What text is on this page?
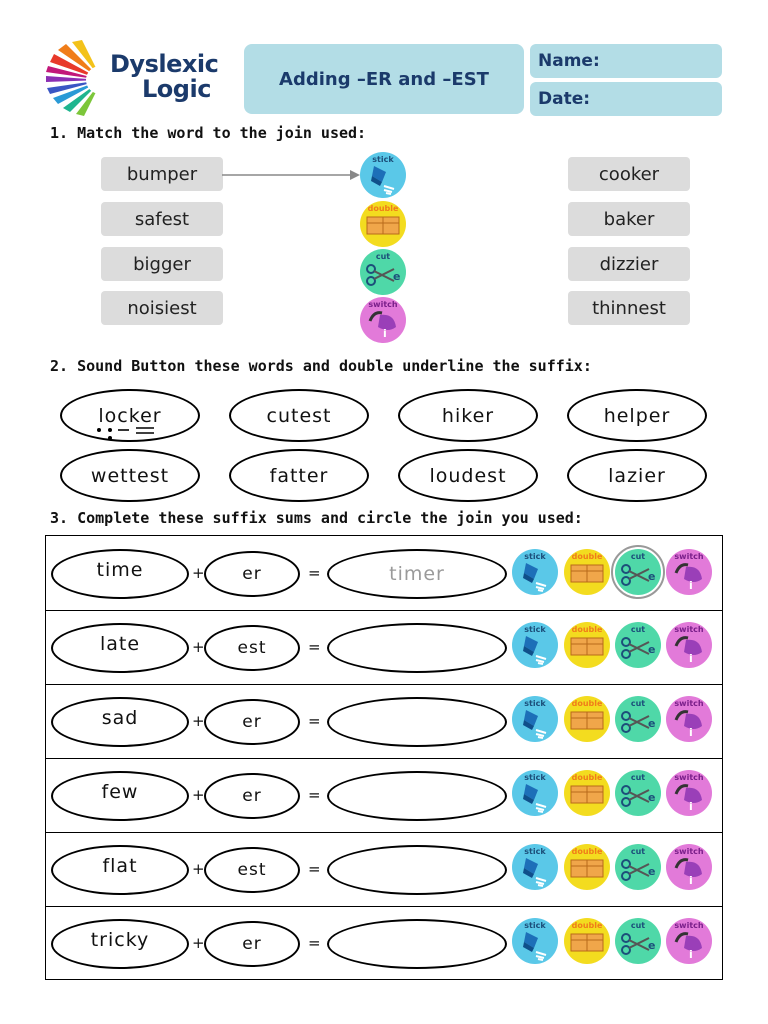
Dyslexic
Logic	Adding –ER and –EST
Name:
Date:
1. Match the word to the join used:
bumper
safest
bigger
noisiest
cooker
baker
dizzier
thinnest
stick
double
e
cut
i
switch
2. Sound Button these words and double underline the suffix:
locker	cutest	hiker	helper
wettest	fatter	loudest	lazier
3. Complete these suffix sums and circle the join you used:
time	+ er	=	timer
late	+ est	=
sad	+ er	=
few	+ er	=
flat	+ est	=
tricky	+ er	=
stick	double
e
cut
i
switch
stick	double
e
cut
i
switch
stick	double
e
cut
i
switch
stick	double
e
cut
i
switch
stick	double
e
cut
i
switch
stick	double
e
cut
i
switch
